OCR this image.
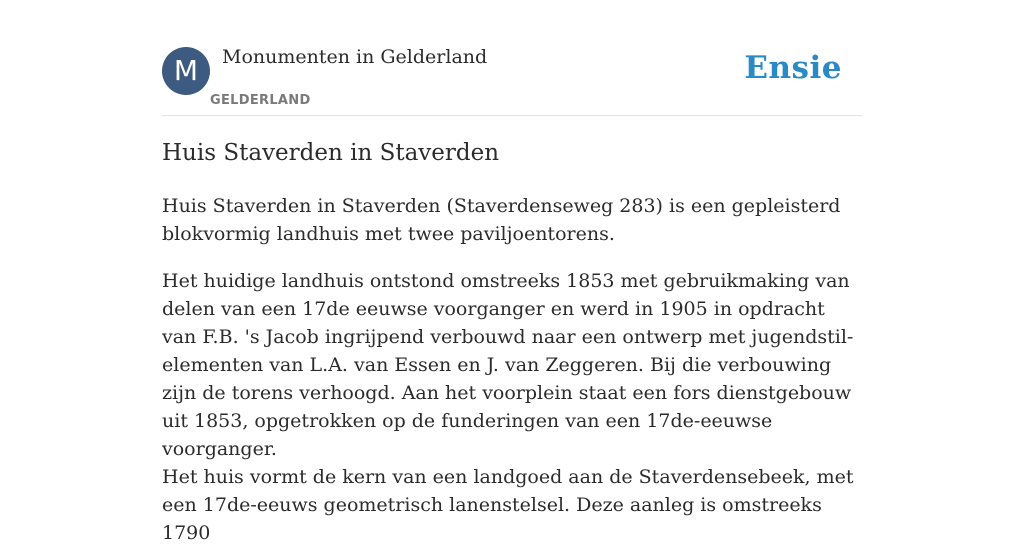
M	Monumenten in Gelderland
GELDERLAND
Ensie
Huis Staverden in Staverden

Huis Staverden in Staverden (Staverdenseweg 283) is een gepleisterd blokvormig landhuis met twee paviljoentorens.

Het huidige landhuis ontstond omstreeks 1853 met gebruikmaking van delen van een 17de eeuwse voorganger en werd in 1905 in opdracht van F.B. 's Jacob ingrijpend verbouwd naar een ontwerp met jugendstil-elementen van L.A. van Essen en J. van Zeggeren. Bij die verbouwing zijn de torens verhoogd. Aan het voorplein staat een fors dienstgebouw uit 1853, opgetrokken op de funderingen van een 17de-eeuwse voorganger.

Het huis vormt de kern van een landgoed aan de Staverdensebeek, met een 17de-eeuws geometrisch lanenstelsel. Deze aanleg is omstreeks 1790
